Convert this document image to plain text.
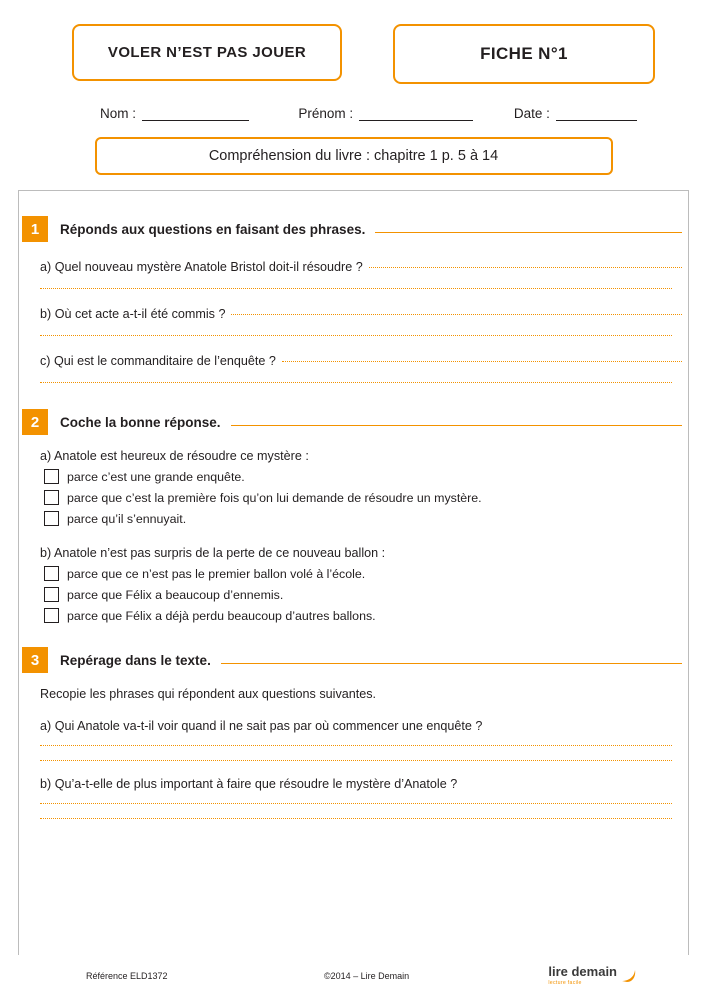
VOLER N’EST PAS JOUER	FICHE N°1
Nom :	Prénom :	Date :
Compréhension du livre : chapitre 1 p. 5 à 14
1	Réponds aux questions en faisant des phrases.
a) Quel nouveau mystère Anatole Bristol doit-il résoudre ?
b) Où cet acte a-t-il été commis ?
c) Qui est le commanditaire de l’enquête ?
2	Coche la bonne réponse.
a) Anatole est heureux de résoudre ce mystère :
parce c’est une grande enquête.
parce que c’est la première fois qu’on lui demande de résoudre un mystère.
parce qu’il s’ennuyait.
b) Anatole n’est pas surpris de la perte de ce nouveau ballon :
parce que ce n’est pas le premier ballon volé à l’école.
parce que Félix a beaucoup d’ennemis.
parce que Félix a déjà perdu beaucoup d’autres ballons.
3	Repérage dans le texte.
Recopie les phrases qui répondent aux questions suivantes.
a) Qui Anatole va-t-il voir quand il ne sait pas par où commencer une enquête ?
b) Qu’a-t-elle de plus important à faire que résoudre le mystère d’Anatole ?
Référence ELD1372	©2014 – Lire Demain	lire demain
lecture facile
